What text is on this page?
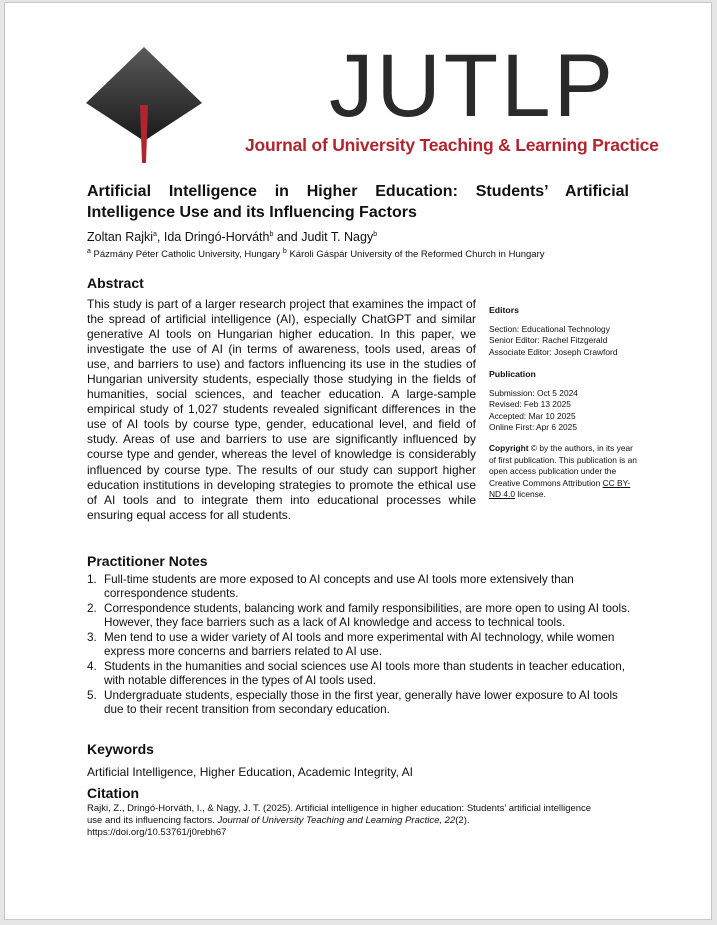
JUTLP
Journal of University Teaching & Learning Practice
Artificial Intelligence in Higher Education: Students’ Artificial Intelligence Use and its Influencing Factors
Zoltan Rajki$^a$, Ida Dringó-Horváth$^b$ and Judit T. Nagy$^b$
$^a$ Pázmány Péter Catholic University, Hungary $^b$ Károli Gáspár University of the Reformed Church in Hungary
Abstract
This study is part of a larger research project that examines the impact of the spread of artificial intelligence (AI), especially ChatGPT and similar generative AI tools on Hungarian higher education. In this paper, we investigate the use of AI (in terms of awareness, tools used, areas of use, and barriers to use) and factors influencing its use in the studies of Hungarian university students, especially those studying in the fields of humanities, social sciences, and teacher education. A large-sample empirical study of 1,027 students revealed significant differences in the use of AI tools by course type, gender, educational level, and field of study. Areas of use and barriers to use are significantly influenced by course type and gender, whereas the level of knowledge is considerably influenced by course type. The results of our study can support higher education institutions in developing strategies to promote the ethical use of AI tools and to integrate them into educational processes while ensuring equal access for all students.
Editors
Section: Educational Technology
Senior Editor: Rachel Fitzgerald
Associate Editor: Joseph Crawford
Publication
Submission: Oct 5 2024
Revised: Feb 13 2025
Accepted: Mar 10 2025
Online First: Apr 6 2025
Copyright © by the authors, in its year of first publication. This publication is an open access publication under the Creative Commons Attribution CC BY-ND 4.0 license.
Practitioner Notes
1. Full-time students are more exposed to AI concepts and use AI tools more extensively than correspondence students.
2. Correspondence students, balancing work and family responsibilities, are more open to using AI tools. However, they face barriers such as a lack of AI knowledge and access to technical tools.
3. Men tend to use a wider variety of AI tools and more experimental with AI technology, while women express more concerns and barriers related to AI use.
4. Students in the humanities and social sciences use AI tools more than students in teacher education, with notable differences in the types of AI tools used.
5. Undergraduate students, especially those in the first year, generally have lower exposure to AI tools due to their recent transition from secondary education.
Keywords
Artificial Intelligence, Higher Education, Academic Integrity, AI
Citation
Rajki, Z., Dringó-Horváth, I., & Nagy, J. T. (2025). Artificial intelligence in higher education: Students’ artificial intelligence use and its influencing factors. Journal of University Teaching and Learning Practice, 22(2).
https://doi.org/10.53761/j0rebh67
